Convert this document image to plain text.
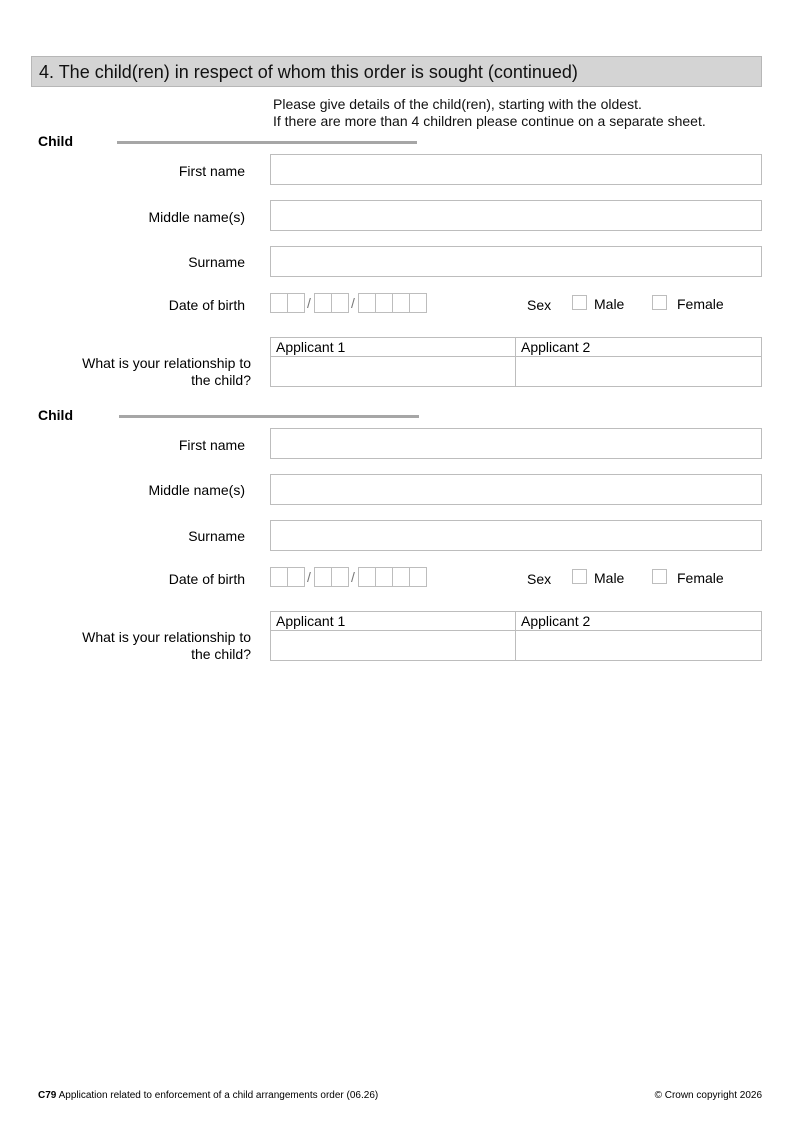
4. The child(ren) in respect of whom this order is sought (continued)
Please give details of the child(ren), starting with the oldest.
If there are more than 4 children please continue on a separate sheet.
Child
First name
Middle name(s)
Surname
Date of birth	/	/	Sex	Male	Female
What is your relationship to the child?
Applicant 1	Applicant 2
Child
First name
Middle name(s)
Surname
Date of birth	/	/	Sex	Male	Female
What is your relationship to the child?
Applicant 1	Applicant 2
C79 Application related to enforcement of a child arrangements order (06.26)	© Crown copyright 2026
